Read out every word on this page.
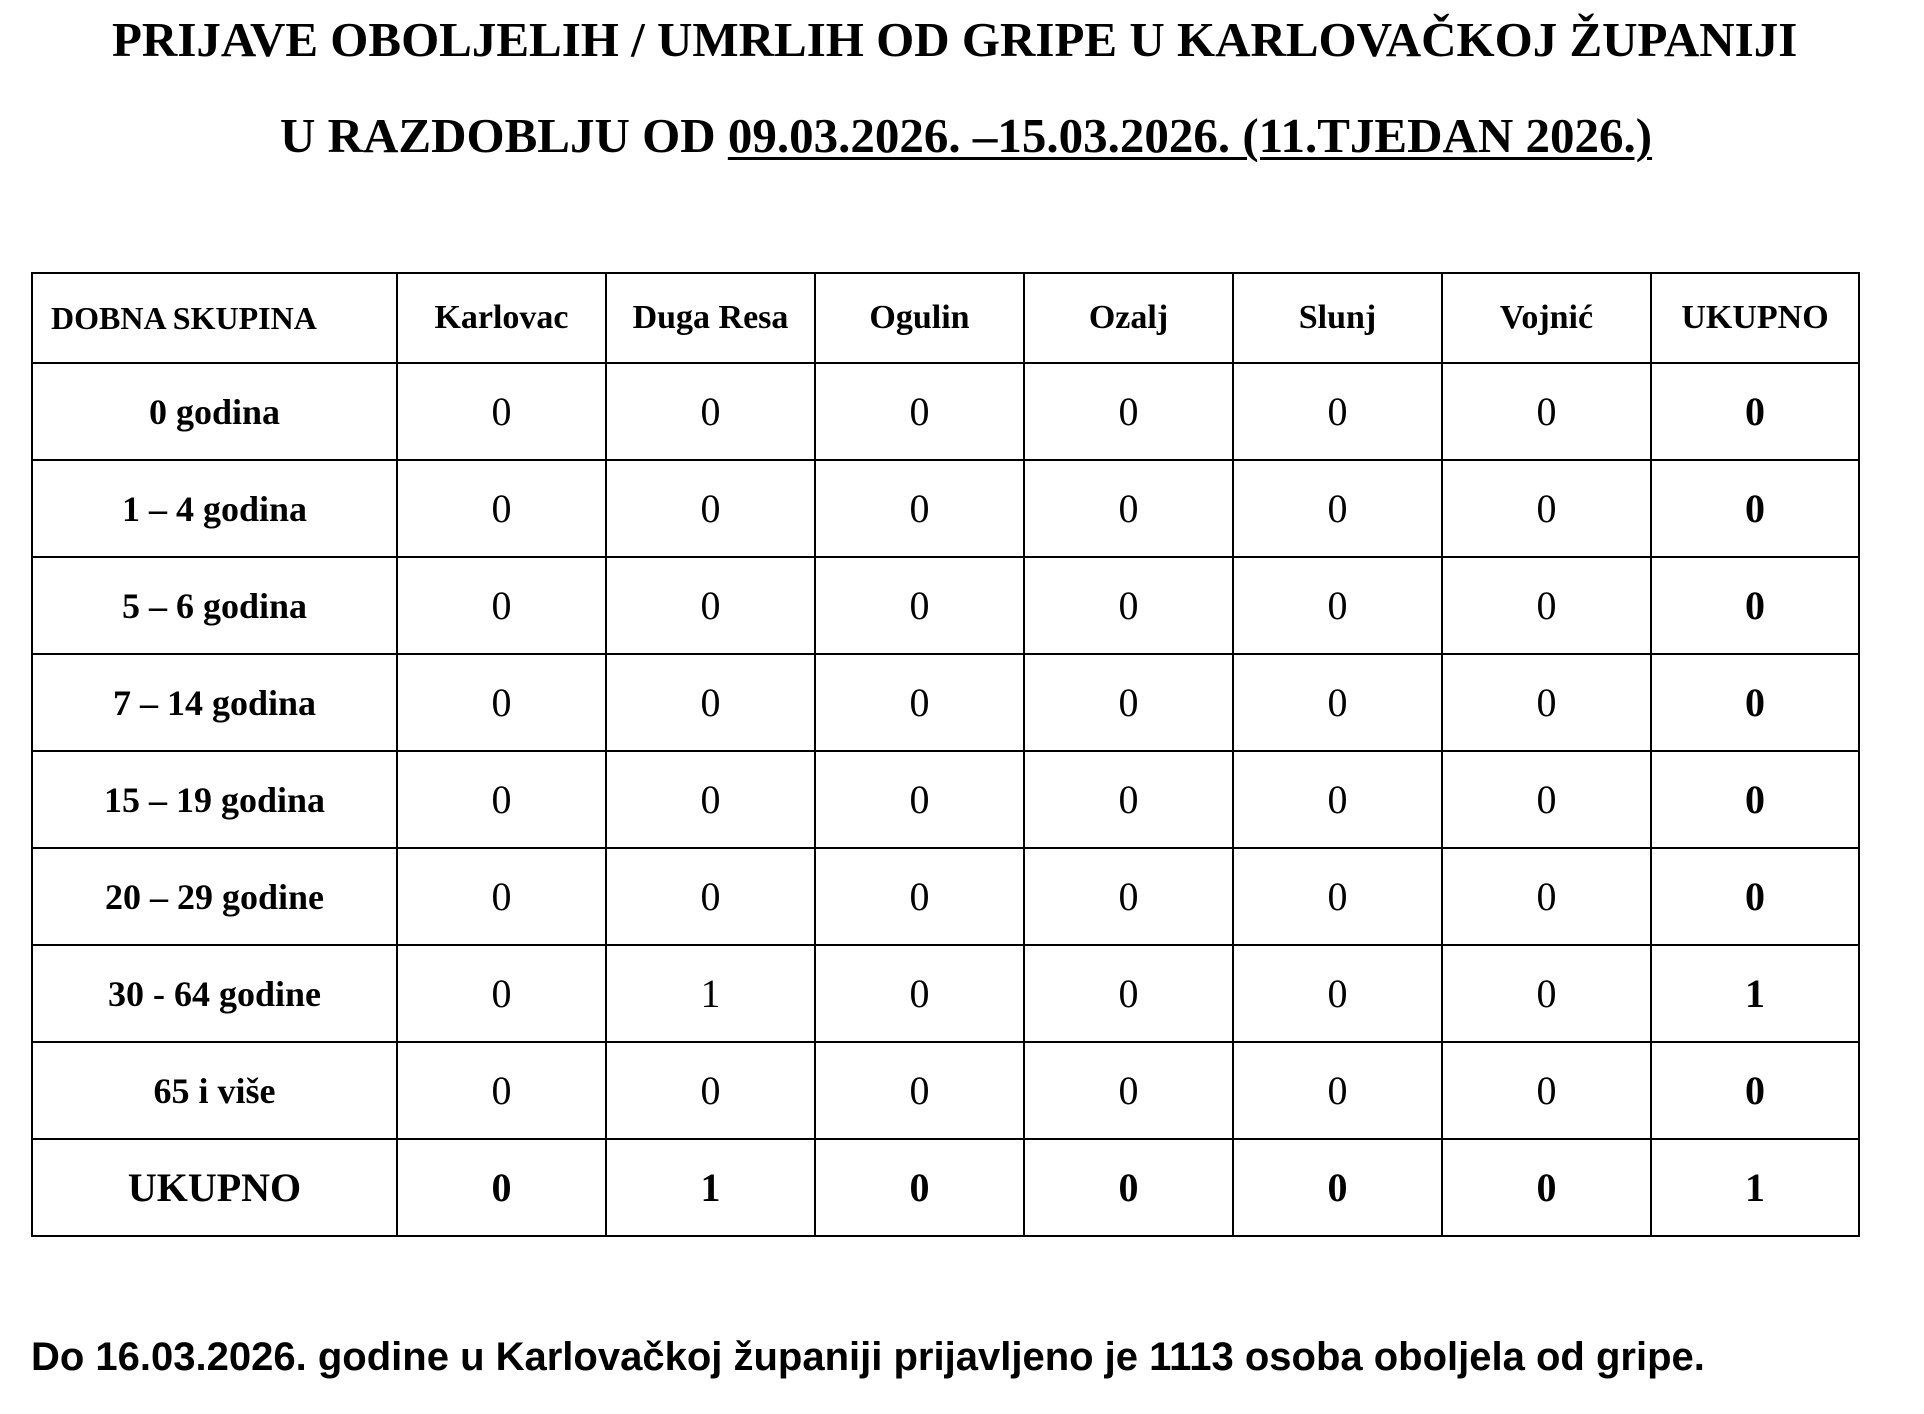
PRIJAVE OBOLJELIH / UMRLIH OD GRIPE U KARLOVAČKOJ ŽUPANIJI
U RAZDOBLJU OD 09.03.2026. –15.03.2026. (11.TJEDAN 2026.)
DOBNA SKUPINA	Karlovac	Duga Resa	Ogulin	Ozalj	Slunj	Vojnić	UKUPNO
0 godina	0	0	0	0	0	0	0
1 – 4 godina	0	0	0	0	0	0	0
5 – 6 godina	0	0	0	0	0	0	0
7 – 14 godina	0	0	0	0	0	0	0
15 – 19 godina	0	0	0	0	0	0	0
20 – 29 godine	0	0	0	0	0	0	0
30 - 64 godine	0	1	0	0	0	0	1
65 i više	0	0	0	0	0	0	0
UKUPNO	0	1	0	0	0	0	1
Do 16.03.2026. godine u Karlovačkoj županiji prijavljeno je 1113 osoba oboljela od gripe.
